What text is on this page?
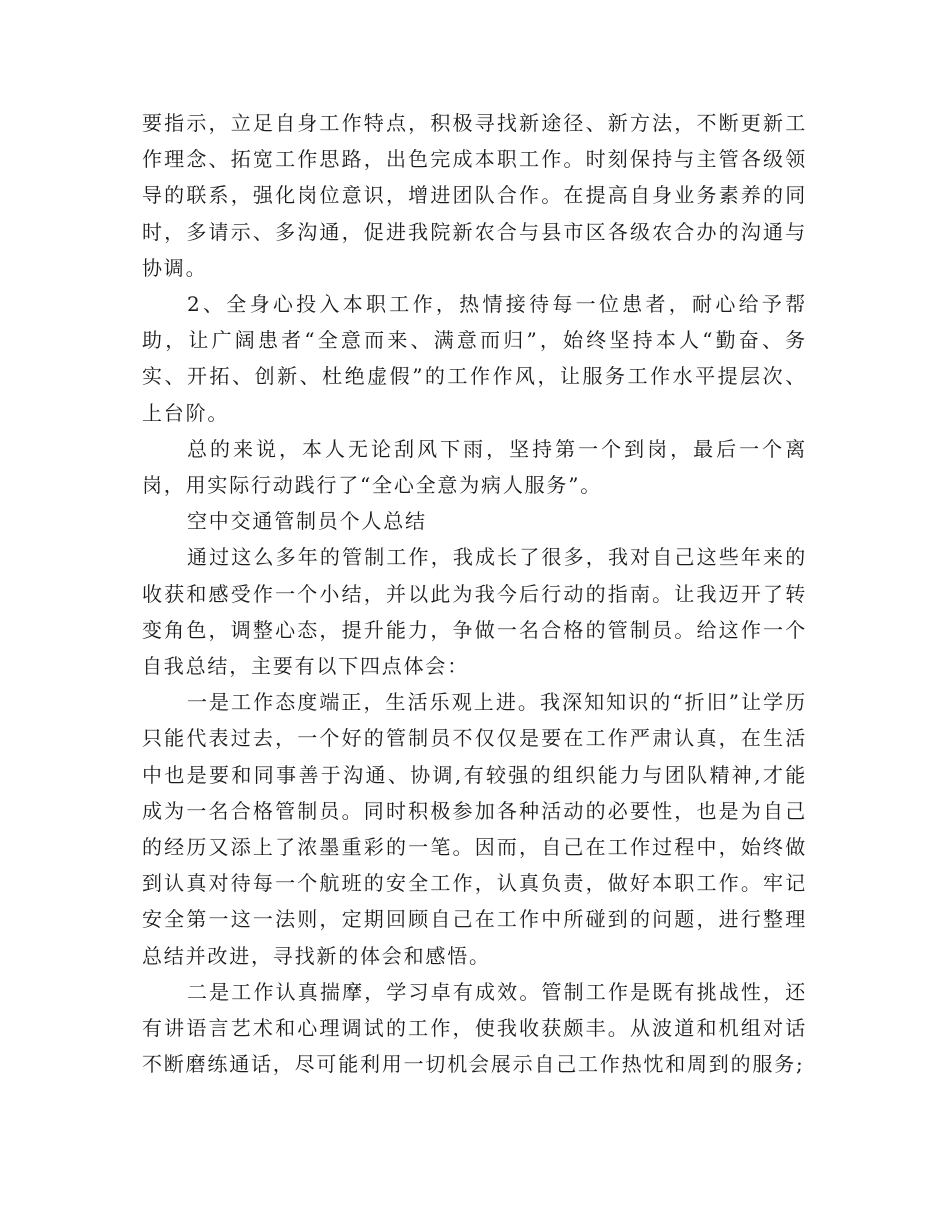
要指示，立足自身工作特点，积极寻找新途径、新方法，不断更新工作理念、拓宽工作思路，出色完成本职工作。时刻保持与主管各级领导的联系，强化岗位意识，增进团队合作。在提高自身业务素养的同时，多请示、多沟通，促进我院新农合与县市区各级农合办的沟通与协调。

2、全身心投入本职工作，热情接待每一位患者，耐心给予帮助，让广阔患者“全意而来、满意而归”，始终坚持本人“勤奋、务实、开拓、创新、杜绝虚假”的工作作风，让服务工作水平提层次、上台阶。

总的来说，本人无论刮风下雨，坚持第一个到岗，最后一个离岗，用实际行动践行了“全心全意为病人服务”。

空中交通管制员个人总结

通过这么多年的管制工作，我成长了很多，我对自己这些年来的收获和感受作一个小结，并以此为我今后行动的指南。让我迈开了转变角色，调整心态，提升能力，争做一名合格的管制员。给这作一个自我总结，主要有以下四点体会：

一是工作态度端正，生活乐观上进。我深知知识的“折旧”让学历只能代表过去，一个好的管制员不仅仅是要在工作严肃认真，在生活中也是要和同事善于沟通、协调,有较强的组织能力与团队精神,才能成为一名合格管制员。同时积极参加各种活动的必要性，也是为自己的经历又添上了浓墨重彩的一笔。因而，自己在工作过程中，始终做到认真对待每一个航班的安全工作，认真负责，做好本职工作。牢记安全第一这一法则，定期回顾自己在工作中所碰到的问题，进行整理总结并改进，寻找新的体会和感悟。

二是工作认真揣摩，学习卓有成效。管制工作是既有挑战性，还有讲语言艺术和心理调试的工作，使我收获颇丰。从波道和机组对话不断磨练通话，尽可能利用一切机会展示自己工作热忱和周到的服务;
